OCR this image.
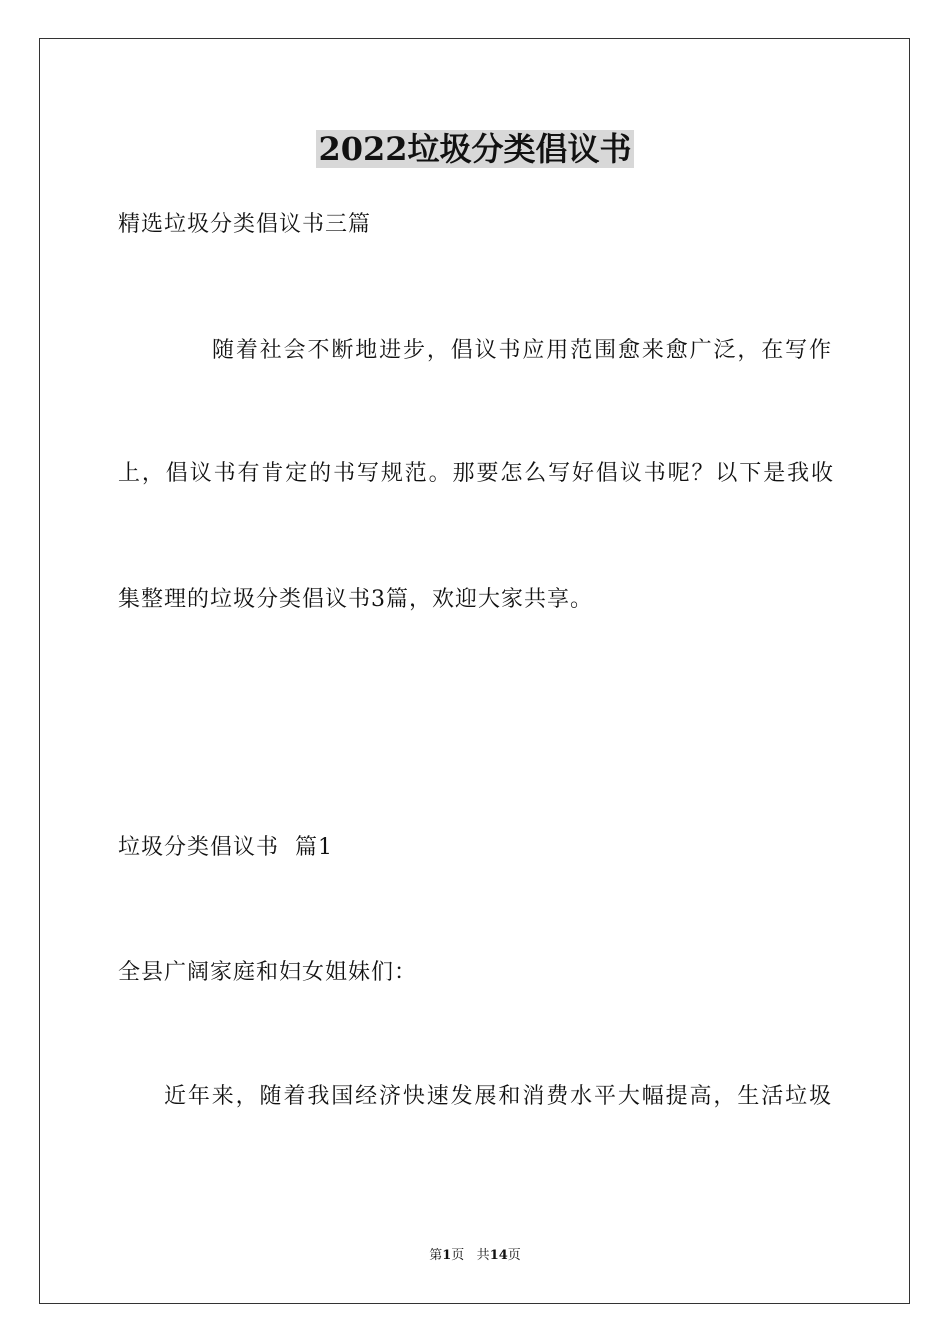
2022垃圾分类倡议书
精选垃圾分类倡议书三篇
随着社会不断地进步，倡议书应用范围愈来愈广泛，在写作
上，倡议书有肯定的书写规范。那要怎么写好倡议书呢？以下是我收
集整理的垃圾分类倡议书3篇，欢迎大家共享。
垃圾分类倡议书  篇1
全县广阔家庭和妇女姐妹们：
近年来，随着我国经济快速发展和消费水平大幅提高，生活垃圾
第1页 共14页
